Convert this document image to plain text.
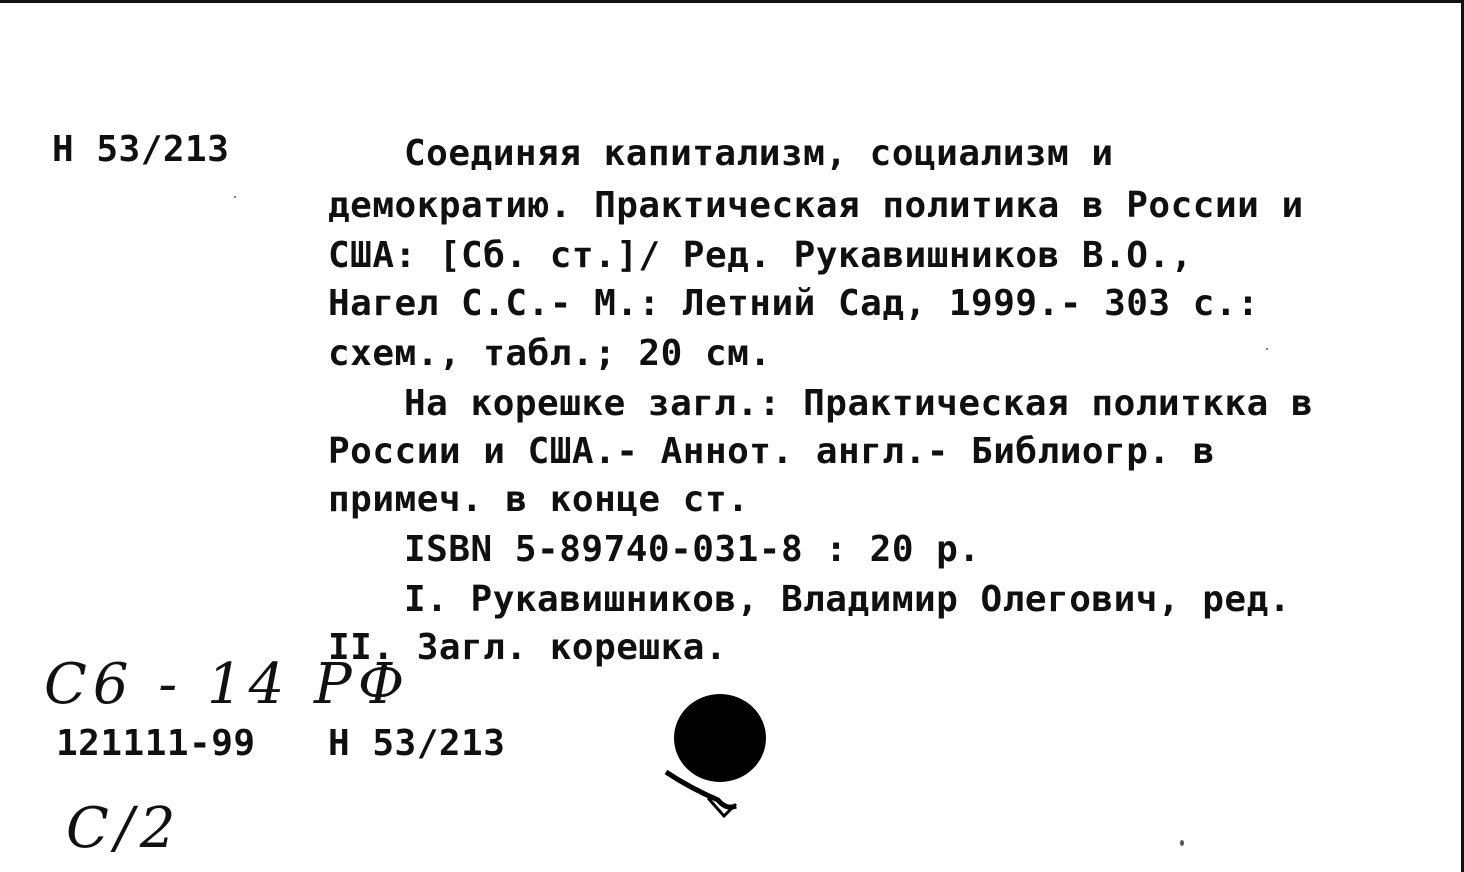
Н 53/213	Соединяя капитализм, социализм и
демократию. Практическая политика в России и
США: [Сб. ст.]/ Ред. Рукавишников В.О.,
Нагел С.С.- М.: Летний Сад, 1999.- 303 с.:
схем., табл.; 20 см.
На корешке загл.: Практическая политкка в
России и США.- Аннот. англ.- Библиогр. в
примеч. в конце ст.
ISBN 5-89740-031-8 : 20 р.
I. Рукавишников, Владимир Олегович, ред.
II. Загл. корешка.
С6 - 14 РФ
121111-99 Н 53/213
С/2
